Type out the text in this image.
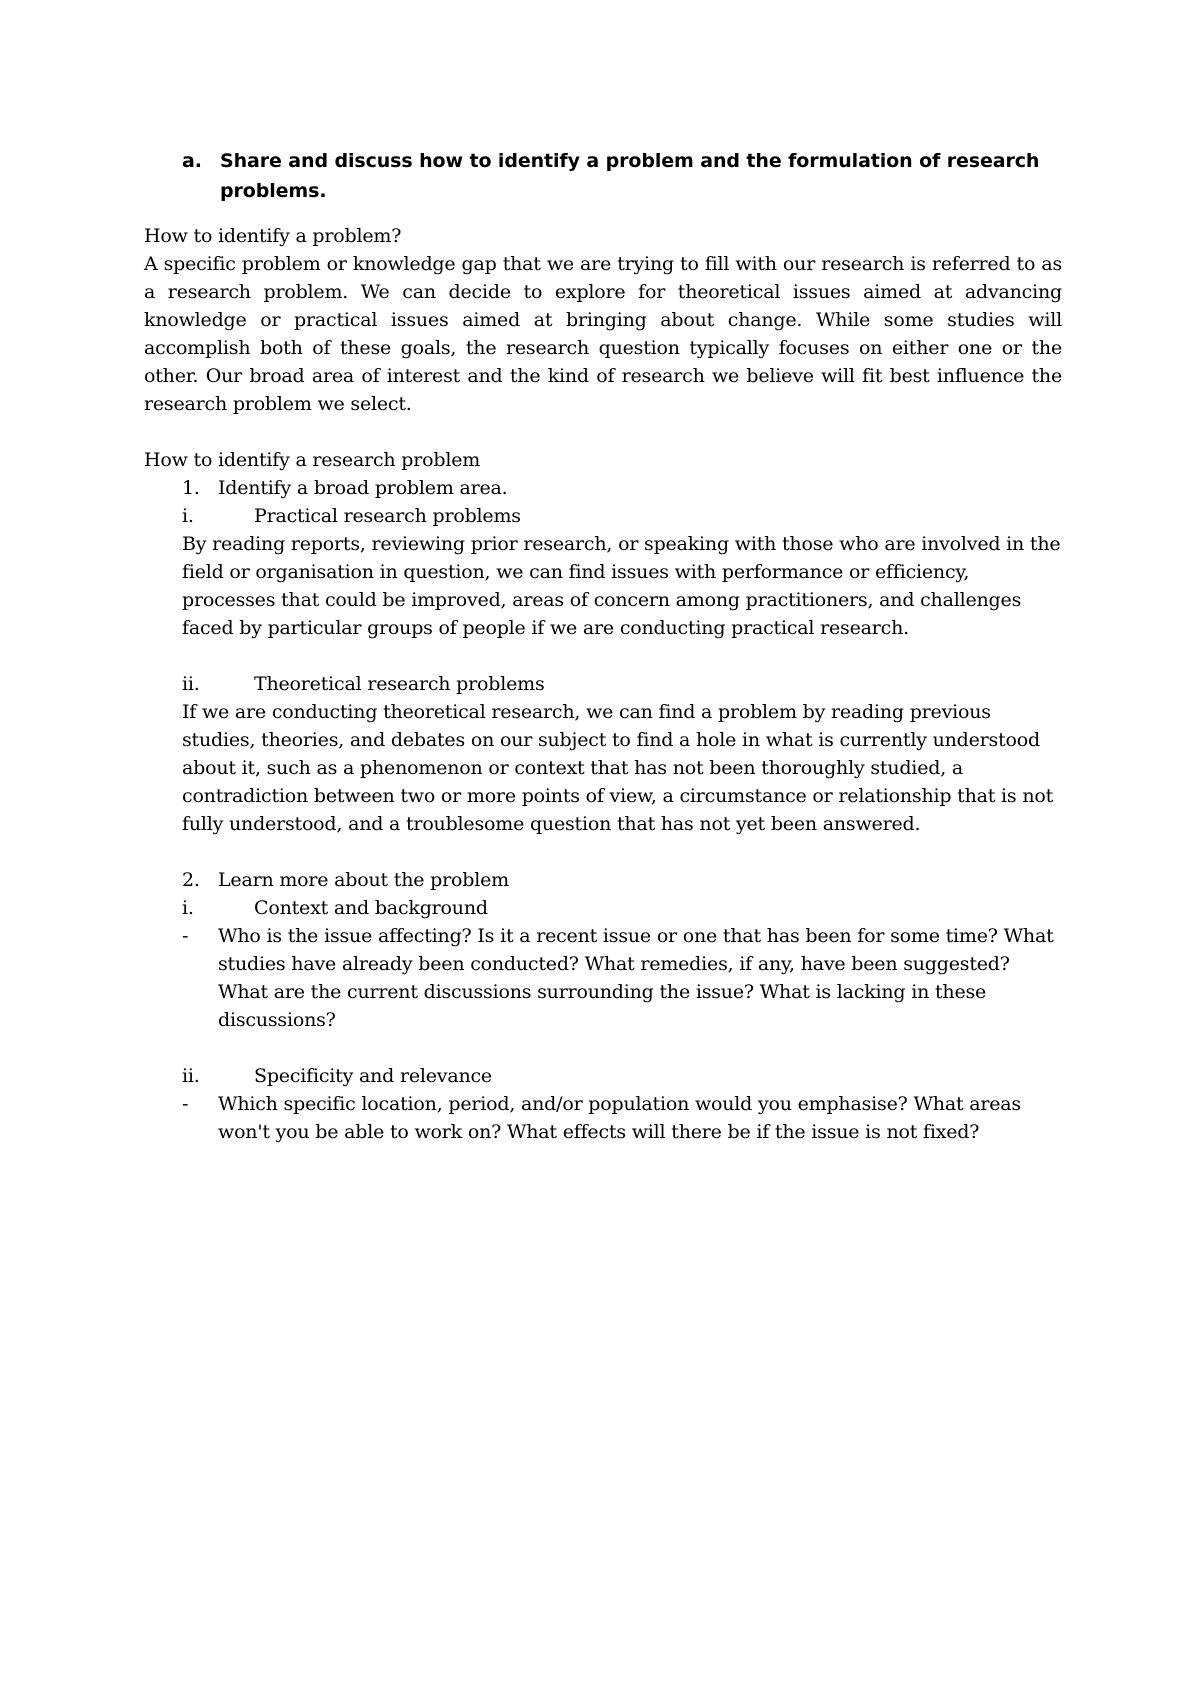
a. Share and discuss how to identify a problem and the formulation of research problems.
How to identify a problem?
A specific problem or knowledge gap that we are trying to fill with our research is referred to as a research problem. We can decide to explore for theoretical issues aimed at advancing knowledge or practical issues aimed at bringing about change. While some studies will accomplish both of these goals, the research question typically focuses on either one or the other. Our broad area of interest and the kind of research we believe will fit best influence the research problem we select.
How to identify a research problem
1. Identify a broad problem area.
i.	Practical research problems
By reading reports, reviewing prior research, or speaking with those who are involved in the field or organisation in question, we can find issues with performance or efficiency, processes that could be improved, areas of concern among practitioners, and challenges faced by particular groups of people if we are conducting practical research.
ii.	Theoretical research problems
If we are conducting theoretical research, we can find a problem by reading previous studies, theories, and debates on our subject to find a hole in what is currently understood about it, such as a phenomenon or context that has not been thoroughly studied, a contradiction between two or more points of view, a circumstance or relationship that is not fully understood, and a troublesome question that has not yet been answered.
2. Learn more about the problem
i.	Context and background
-	Who is the issue affecting? Is it a recent issue or one that has been for some time? What studies have already been conducted? What remedies, if any, have been suggested? What are the current discussions surrounding the issue? What is lacking in these discussions?
ii.	Specificity and relevance
-	Which specific location, period, and/or population would you emphasise? What areas won't you be able to work on? What effects will there be if the issue is not fixed?
